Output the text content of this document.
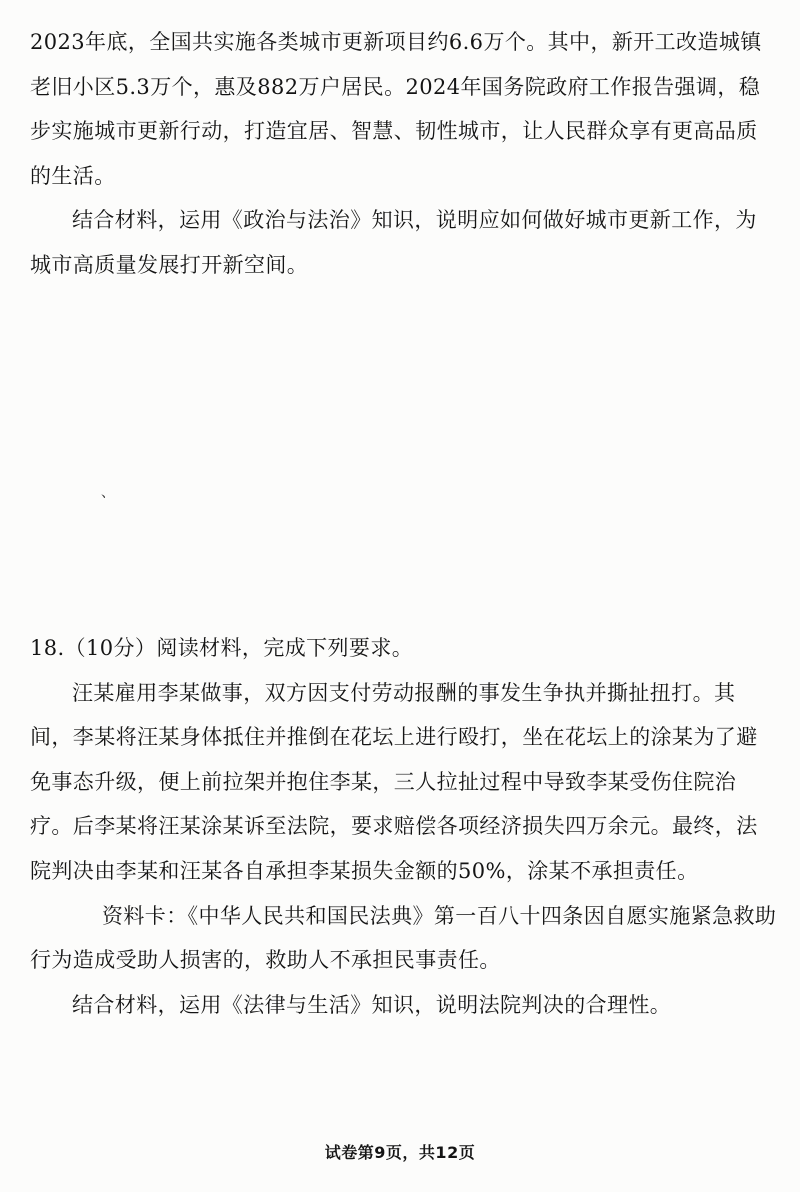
2023年底，全国共实施各类城市更新项目约6.6万个。其中，新开工改造城镇老旧小区5.3万个，惠及882万户居民。2024年国务院政府工作报告强调，稳步实施城市更新行动，打造宜居、智慧、韧性城市，让人民群众享有更高品质的生活。

结合材料，运用《政治与法治》知识，说明应如何做好城市更新工作，为城市高质量发展打开新空间。

、

18.（10分）阅读材料，完成下列要求。

汪某雇用李某做事，双方因支付劳动报酬的事发生争执并撕扯扭打。其间，李某将汪某身体抵住并推倒在花坛上进行殴打，坐在花坛上的涂某为了避免事态升级，便上前拉架并抱住李某，三人拉扯过程中导致李某受伤住院治疗。后李某将汪某涂某诉至法院，要求赔偿各项经济损失四万余元。最终，法院判决由李某和汪某各自承担李某损失金额的50%，涂某不承担责任。

资料卡：《中华人民共和国民法典》第一百八十四条因自愿实施紧急救助行为造成受助人损害的，救助人不承担民事责任。

结合材料，运用《法律与生活》知识，说明法院判决的合理性。

试卷第9页，共12页
